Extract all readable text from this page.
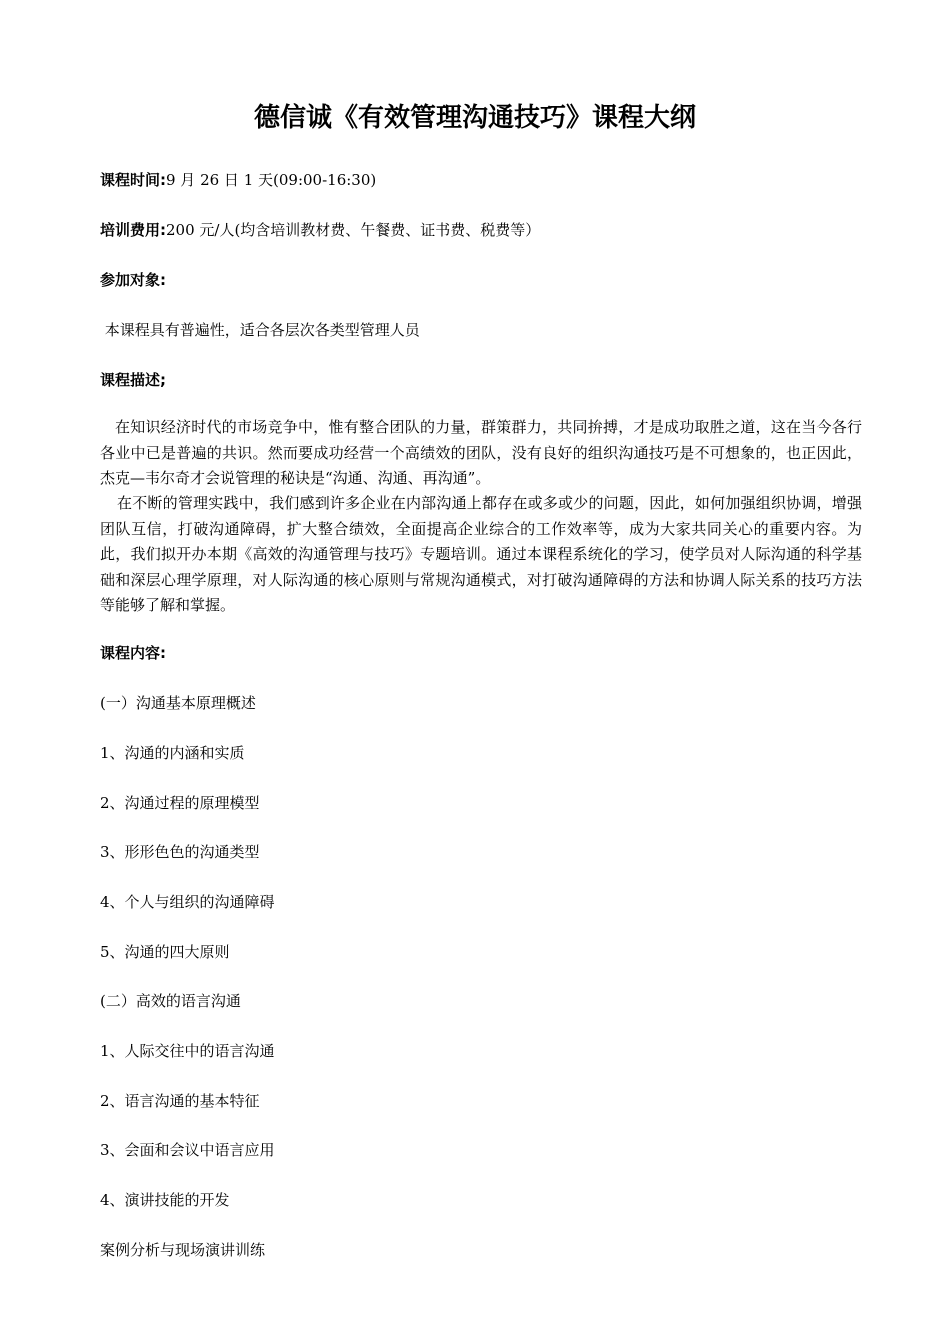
德信诚《有效管理沟通技巧》课程大纲
课程时间:9 月 26 日 1 天(09:00-16:30)
培训费用:200 元/人(均含培训教材费、午餐费、证书费、税费等）
参加对象:
本课程具有普遍性，适合各层次各类型管理人员
课程描述;
在知识经济时代的市场竞争中，惟有整合团队的力量，群策群力，共同拚搏，才是成功取胜之道，这在当今各行各业中已是普遍的共识。然而要成功经营一个高绩效的团队，没有良好的组织沟通技巧是不可想象的，也正因此，杰克—韦尔奇才会说管理的秘诀是“沟通、沟通、再沟通”。
在不断的管理实践中，我们感到许多企业在内部沟通上都存在或多或少的问题，因此，如何加强组织协调，增强团队互信，打破沟通障碍，扩大整合绩效，全面提高企业综合的工作效率等，成为大家共同关心的重要内容。为此，我们拟开办本期《高效的沟通管理与技巧》专题培训。通过本课程系统化的学习，使学员对人际沟通的科学基础和深层心理学原理，对人际沟通的核心原则与常规沟通模式，对打破沟通障碍的方法和协调人际关系的技巧方法等能够了解和掌握。
课程内容:
(一）沟通基本原理概述
1、沟通的内涵和实质
2、沟通过程的原理模型
3、形形色色的沟通类型
4、个人与组织的沟通障碍
5、沟通的四大原则
(二）高效的语言沟通
1、人际交往中的语言沟通
2、语言沟通的基本特征
3、会面和会议中语言应用
4、演讲技能的开发
案例分析与现场演讲训练
